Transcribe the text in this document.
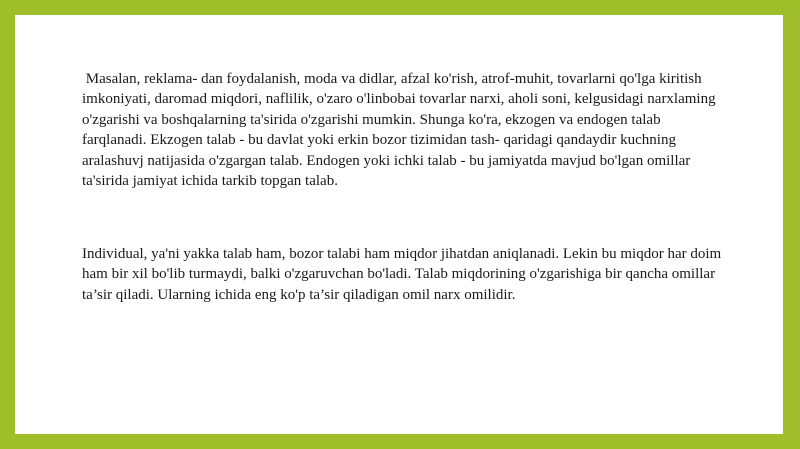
Masalan, reklama- dan foydalanish, moda va didlar, afzal ko'rish, atrof-muhit, tovarlarni qo'lga kiritish imkoniyati, daromad miqdori, naflilik, o'zaro o'linbobai tovarlar narxi, aholi soni, kelgusidagi narxlaming o'zgarishi va boshqalarning ta'sirida o'zgarishi mumkin. Shunga ko'ra, ekzogen va endogen talab farqlanadi. Ekzogen talab - bu davlat yoki erkin bozor tizimidan tash- qaridagi qandaydir kuchning aralashuvj natijasida o'zgargan talab. Endogen yoki ichki talab - bu jamiyatda mavjud bo'lgan omillar ta'sirida jamiyat ichida tarkib topgan talab.

Individual, ya'ni yakka talab ham, bozor talabi ham miqdor jihatdan aniqlanadi. Lekin bu miqdor har doim ham bir xil bo'lib turmaydi, balki o'zgaruvchan bo'ladi. Talab miqdorining o'zgarishiga bir qancha omillar ta’sir qiladi. Ularning ichida eng ko'p ta’sir qiladigan omil narx omilidir.
